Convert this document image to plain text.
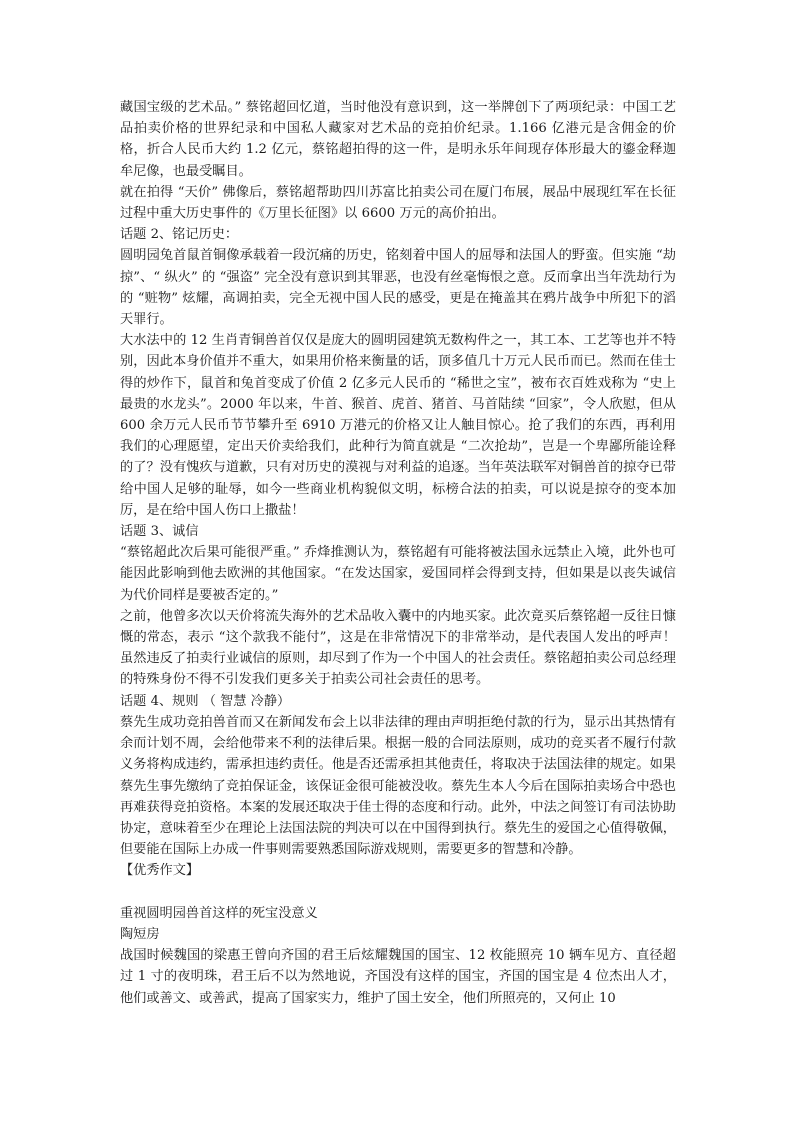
藏国宝级的艺术品。” 蔡铭超回忆道，当时他没有意识到，这一举牌创下了两项纪录：中国工艺品拍卖价格的世界纪录和中国私人藏家对艺术品的竞拍价纪录。1.166 亿港元是含佣金的价格，折合人民币大约 1.2 亿元，蔡铭超拍得的这一件，是明永乐年间现存体形最大的鎏金释迦牟尼像，也最受瞩目。

就在拍得 “天价” 佛像后，蔡铭超帮助四川苏富比拍卖公司在厦门布展，展品中展现红军在长征过程中重大历史事件的《万里长征图》以 6600 万元的高价拍出。

话题 2、铭记历史：

圆明园兔首鼠首铜像承载着一段沉痛的历史，铭刻着中国人的屈辱和法国人的野蛮。但实施 “劫掠”、“ 纵火” 的 “强盗” 完全没有意识到其罪恶，也没有丝毫悔恨之意。反而拿出当年洗劫行为的 “赃物” 炫耀，高调拍卖，完全无视中国人民的感受，更是在掩盖其在鸦片战争中所犯下的滔天罪行。

大水法中的 12 生肖青铜兽首仅仅是庞大的圆明园建筑无数构件之一，其工本、工艺等也并不特别，因此本身价值并不重大，如果用价格来衡量的话，顶多值几十万元人民币而已。然而在佳士得的炒作下，鼠首和兔首变成了价值 2 亿多元人民币的 “稀世之宝”，被布衣百姓戏称为 “史上最贵的水龙头”。2000 年以来，牛首、猴首、虎首、猪首、马首陆续 “回家”，令人欣慰，但从 600 余万元人民币节节攀升至 6910 万港元的价格又让人触目惊心。抢了我们的东西，再利用我们的心理愿望，定出天价卖给我们，此种行为简直就是 “二次抢劫”，岂是一个卑鄙所能诠释的了？没有愧疚与道歉，只有对历史的漠视与对利益的追逐。当年英法联军对铜兽首的掠夺已带给中国人足够的耻辱，如今一些商业机构貌似文明，标榜合法的拍卖，可以说是掠夺的变本加厉，是在给中国人伤口上撒盐！

话题 3、诚信

“蔡铭超此次后果可能很严重。” 乔烽推测认为，蔡铭超有可能将被法国永远禁止入境，此外也可能因此影响到他去欧洲的其他国家。“在发达国家，爱国同样会得到支持，但如果是以丧失诚信为代价同样是要被否定的。”

之前，他曾多次以天价将流失海外的艺术品收入囊中的内地买家。此次竟买后蔡铭超一反往日慷慨的常态，表示 “这个款我不能付”，这是在非常情况下的非常举动，是代表国人发出的呼声！虽然违反了拍卖行业诚信的原则，却尽到了作为一个中国人的社会责任。蔡铭超拍卖公司总经理的特殊身份不得不引发我们更多关于拍卖公司社会责任的思考。

话题 4、规则 （ 智慧 冷静）

蔡先生成功竞拍兽首而又在新闻发布会上以非法律的理由声明拒绝付款的行为，显示出其热情有余而计划不周，会给他带来不利的法律后果。根据一般的合同法原则，成功的竞买者不履行付款义务将构成违约，需承担违约责任。他是否还需承担其他责任，将取决于法国法律的规定。如果蔡先生事先缴纳了竞拍保证金，该保证金很可能被没收。蔡先生本人今后在国际拍卖场合中恐也再难获得竞拍资格。本案的发展还取决于佳士得的态度和行动。此外，中法之间签订有司法协助协定，意味着至少在理论上法国法院的判决可以在中国得到执行。蔡先生的爱国之心值得敬佩，但要能在国际上办成一件事则需要熟悉国际游戏规则，需要更多的智慧和冷静。

【优秀作文】

重视圆明园兽首这样的死宝没意义

陶短房

战国时候魏国的梁惠王曾向齐国的君王后炫耀魏国的国宝、12 枚能照亮 10 辆车见方、直径超过 1 寸的夜明珠，君王后不以为然地说，齐国没有这样的国宝，齐国的国宝是 4 位杰出人才，他们或善文、或善武，提高了国家实力，维护了国土安全，他们所照亮的，又何止 10
